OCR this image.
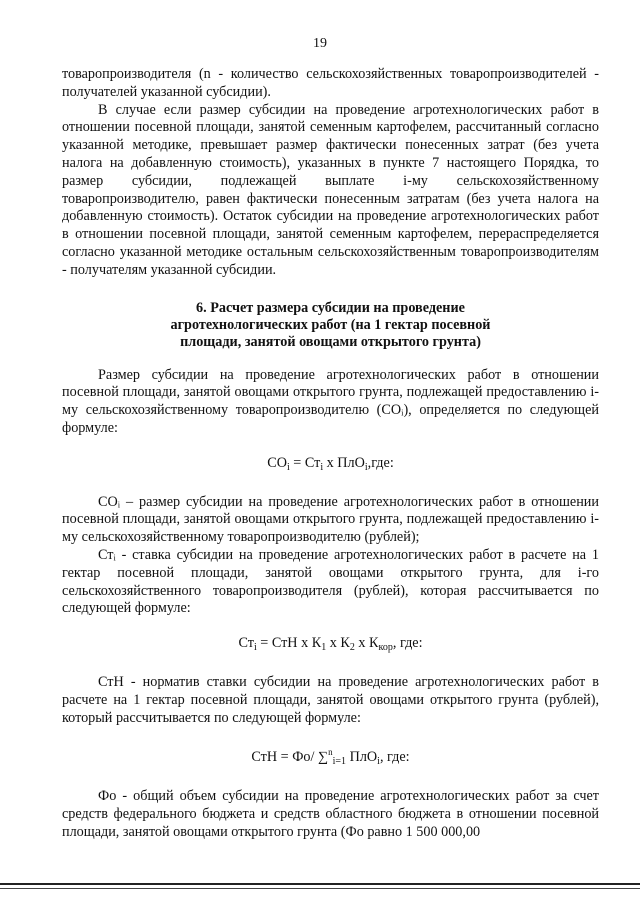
19

товаропроизводителя (n - количество сельскохозяйственных товаропроизводителей - получателей указанной субсидии).

В случае если размер субсидии на проведение агротехнологических работ в отношении посевной площади, занятой семенным картофелем, рассчитанный согласно указанной методике, превышает размер фактически понесенных затрат (без учета налога на добавленную стоимость), указанных в пункте 7 настоящего Порядка, то размер субсидии, подлежащей выплате i-му сельскохозяйственному товаропроизводителю, равен фактически понесенным затратам (без учета налога на добавленную стоимость). Остаток субсидии на проведение агротехнологических работ в отношении посевной площади, занятой семенным картофелем, перераспределяется согласно указанной методике остальным сельскохозяйственным товаропроизводителям - получателям указанной субсидии.

6. Расчет размера субсидии на проведение
агротехнологических работ (на 1 гектар посевной
площади, занятой овощами открытого грунта)

Размер субсидии на проведение агротехнологических работ в отношении посевной площади, занятой овощами открытого грунта, подлежащей предоставлению i-му сельскохозяйственному товаропроизводителю (COᵢ), определяется по следующей формуле:

$CO_i = Ст_i$ x ПлО$_i$,где:

COᵢ – размер субсидии на проведение агротехнологических работ в отношении посевной площади, занятой овощами открытого грунта, подлежащей предоставлению i-му сельскохозяйственному товаропроизводителю (рублей);

Стᵢ - ставка субсидии на проведение агротехнологических работ в расчете на 1 гектар посевной площади, занятой овощами открытого грунта, для i-го сельскохозяйственного товаропроизводителя (рублей), которая рассчитывается по следующей формуле:

$Ст_i$ = СтН x $К_1$ x $К_2$ x $К_{кор}$, где:

СтН - норматив ставки субсидии на проведение агротехнологических работ в расчете на 1 гектар посевной площади, занятой овощами открытого грунта (рублей), который рассчитывается по следующей формуле:

СтН = Фо/ ∑$^n_{i=1}$ ПлО$_i$, где:

Фо - общий объем субсидии на проведение агротехнологических работ за счет средств федерального бюджета и средств областного бюджета в отношении посевной площади, занятой овощами открытого грунта (Фо равно 1 500 000,00
